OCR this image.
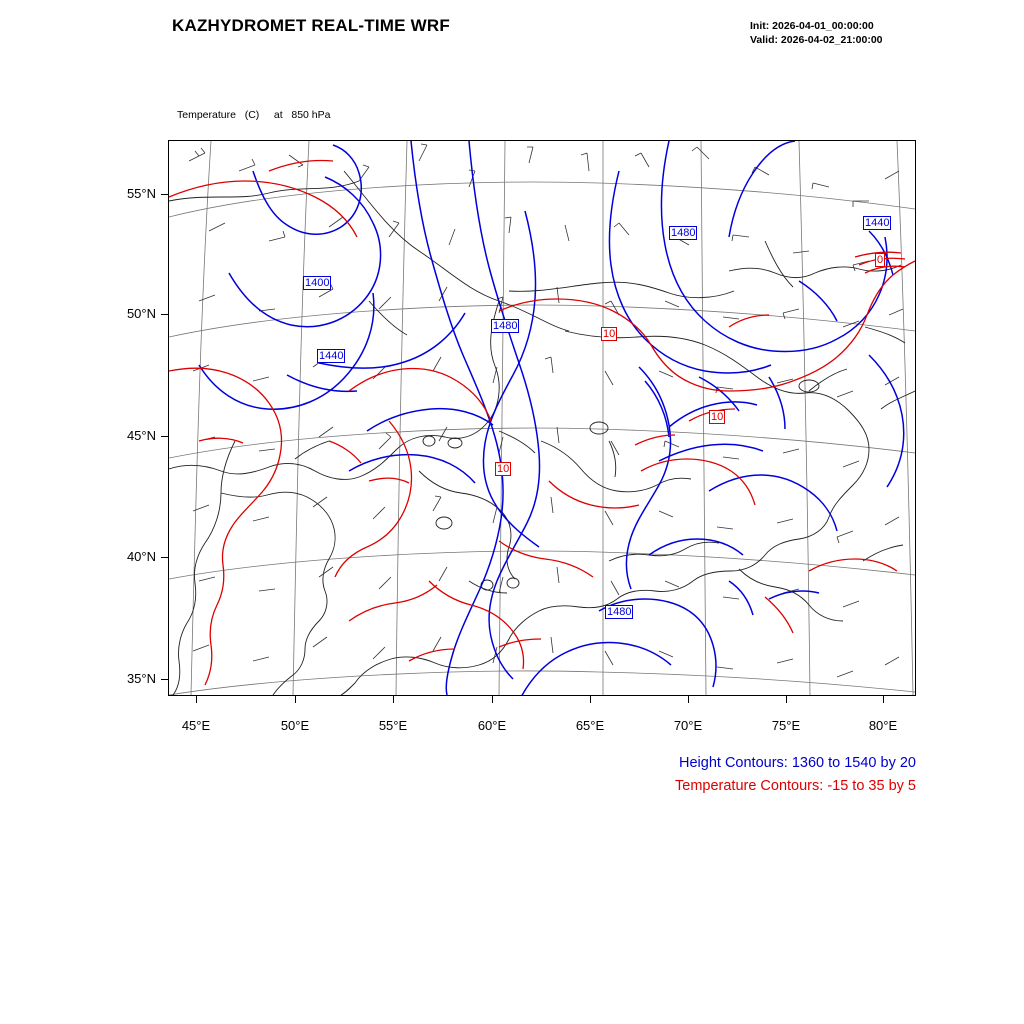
KAZHYDROMET REAL-TIME WRF	Init: 2026-04-01_00:00:00
Valid: 2026-04-02_21:00:00

Temperature   (C)     at   850 hPa

55°N
50°N
45°N
40°N
35°N
45°E	50°E	55°E	60°E	65°E	70°E	75°E	80°E
1400
1480
1440
1480
1440
1480
0
10
10
10
Height Contours: 1360 to 1540 by 20
Temperature Contours: -15 to 35 by 5
